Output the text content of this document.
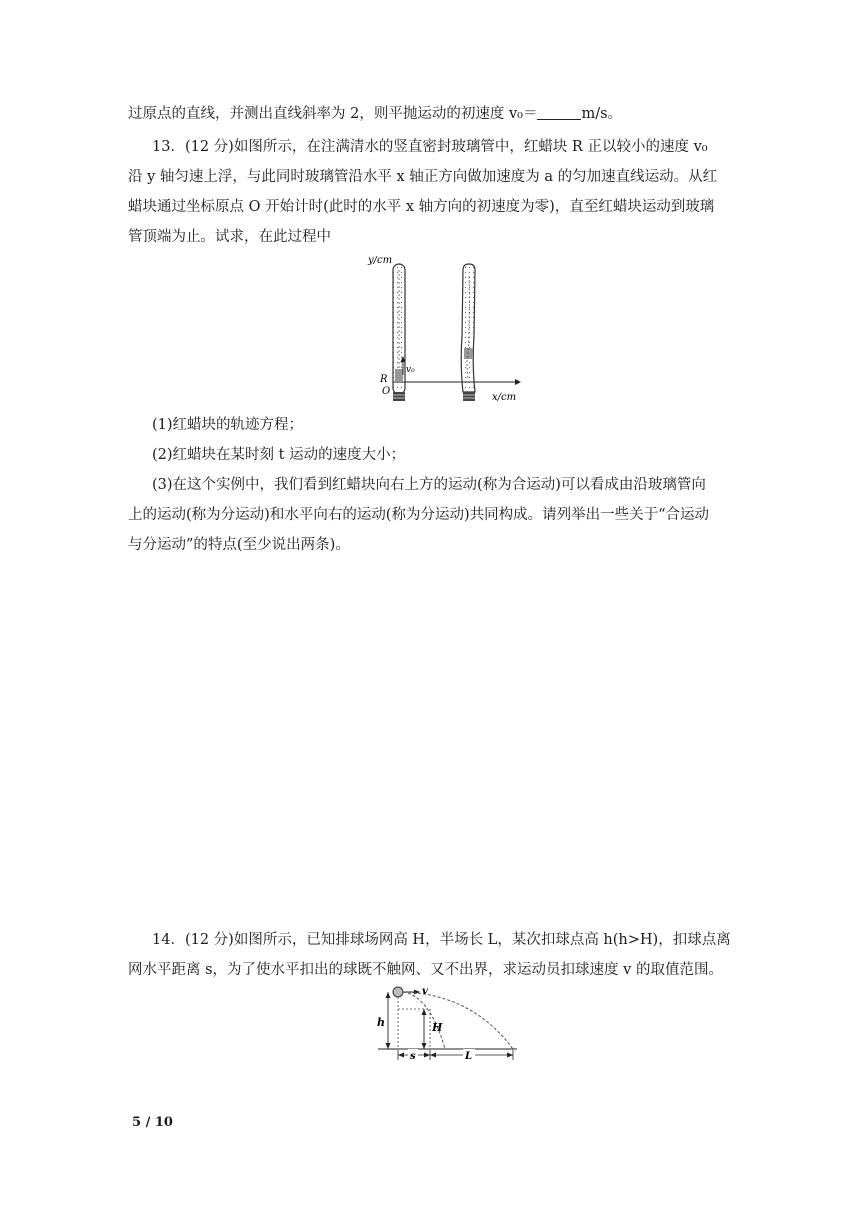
过原点的直线，并测出直线斜率为 2，则平抛运动的初速度 v₀＝	m/s。
13．(12 分)如图所示，在注满清水的竖直密封玻璃管中，红蜡块 R 正以较小的速度 v₀
沿 y 轴匀速上浮，与此同时玻璃管沿水平 x 轴正方向做加速度为 a 的匀加速直线运动。从红
蜡块通过坐标原点 O 开始计时(此时的水平 x 轴方向的初速度为零)，直至红蜡块运动到玻璃
管顶端为止。试求，在此过程中
y/cm
x/cm
R
O
v₀
(1)红蜡块的轨迹方程；
(2)红蜡块在某时刻 t 运动的速度大小；
(3)在这个实例中，我们看到红蜡块向右上方的运动(称为合运动)可以看成由沿玻璃管向
上的运动(称为分运动)和水平向右的运动(称为分运动)共同构成。请列举出一些关于“合运动
与分运动”的特点(至少说出两条)。
14．(12 分)如图所示，已知排球场网高 H，半场长 L，某次扣球点高 h(h>H)，扣球点离
网水平距离 s，为了使水平扣出的球既不触网、又不出界，求运动员扣球速度 v 的取值范围。
v
h	H
s	L
5 / 10
